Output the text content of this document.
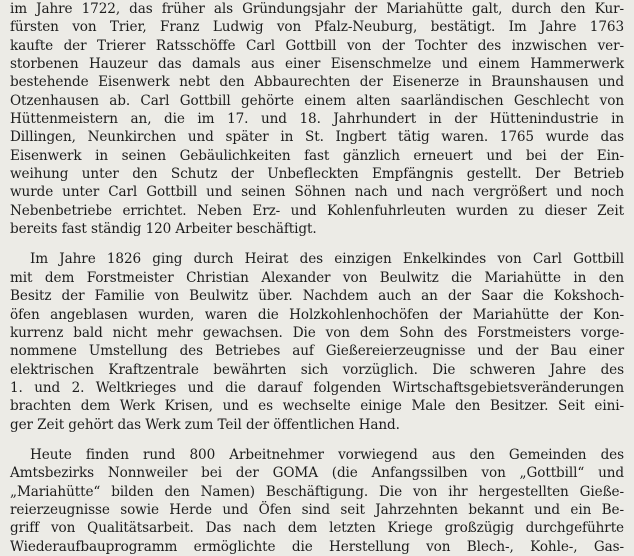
im Jahre 1722, das früher als Gründungsjahr der Mariahütte galt, durch den Kur-
fürsten von Trier, Franz Ludwig von Pfalz-Neuburg, bestätigt. Im Jahre 1763
kaufte der Trierer Ratsschöffe Carl Gottbill von der Tochter des inzwischen ver-
storbenen Hauzeur das damals aus einer Eisenschmelze und einem Hammerwerk
bestehende Eisenwerk nebt den Abbaurechten der Eisenerze in Braunshausen und
Otzenhausen ab. Carl Gottbill gehörte einem alten saarländischen Geschlecht von
Hüttenmeistern an, die im 17. und 18. Jahrhundert in der Hüttenindustrie in
Dillingen, Neunkirchen und später in St. Ingbert tätig waren. 1765 wurde das
Eisenwerk in seinen Gebäulichkeiten fast gänzlich erneuert und bei der Ein-
weihung unter den Schutz der Unbefleckten Empfängnis gestellt. Der Betrieb
wurde unter Carl Gottbill und seinen Söhnen nach und nach vergrößert und noch
Nebenbetriebe errichtet. Neben Erz- und Kohlenfuhrleuten wurden zu dieser Zeit
bereits fast ständig 120 Arbeiter beschäftigt.
Im Jahre 1826 ging durch Heirat des einzigen Enkelkindes von Carl Gottbill
mit dem Forstmeister Christian Alexander von Beulwitz die Mariahütte in den
Besitz der Familie von Beulwitz über. Nachdem auch an der Saar die Kokshoch-
öfen angeblasen wurden, waren die Holzkohlenhochöfen der Mariahütte der Kon-
kurrenz bald nicht mehr gewachsen. Die von dem Sohn des Forstmeisters vorge-
nommene Umstellung des Betriebes auf Gießereierzeugnisse und der Bau einer
elektrischen Kraftzentrale bewährten sich vorzüglich. Die schweren Jahre des
1. und 2. Weltkrieges und die darauf folgenden Wirtschaftsgebietsveränderungen
brachten dem Werk Krisen, und es wechselte einige Male den Besitzer. Seit eini-
ger Zeit gehört das Werk zum Teil der öffentlichen Hand.
Heute finden rund 800 Arbeitnehmer vorwiegend aus den Gemeinden des
Amtsbezirks Nonnweiler bei der GOMA (die Anfangssilben von „Gottbill“ und
„Mariahütte“ bilden den Namen) Beschäftigung. Die von ihr hergestellten Gieße-
reierzeugnisse sowie Herde und Öfen sind seit Jahrzehnten bekannt und ein Be-
griff von Qualitätsarbeit. Das nach dem letzten Kriege großzügig durchgeführte
Wiederaufbauprogramm ermöglichte die Herstellung von Blech-, Kohle-, Gas-
